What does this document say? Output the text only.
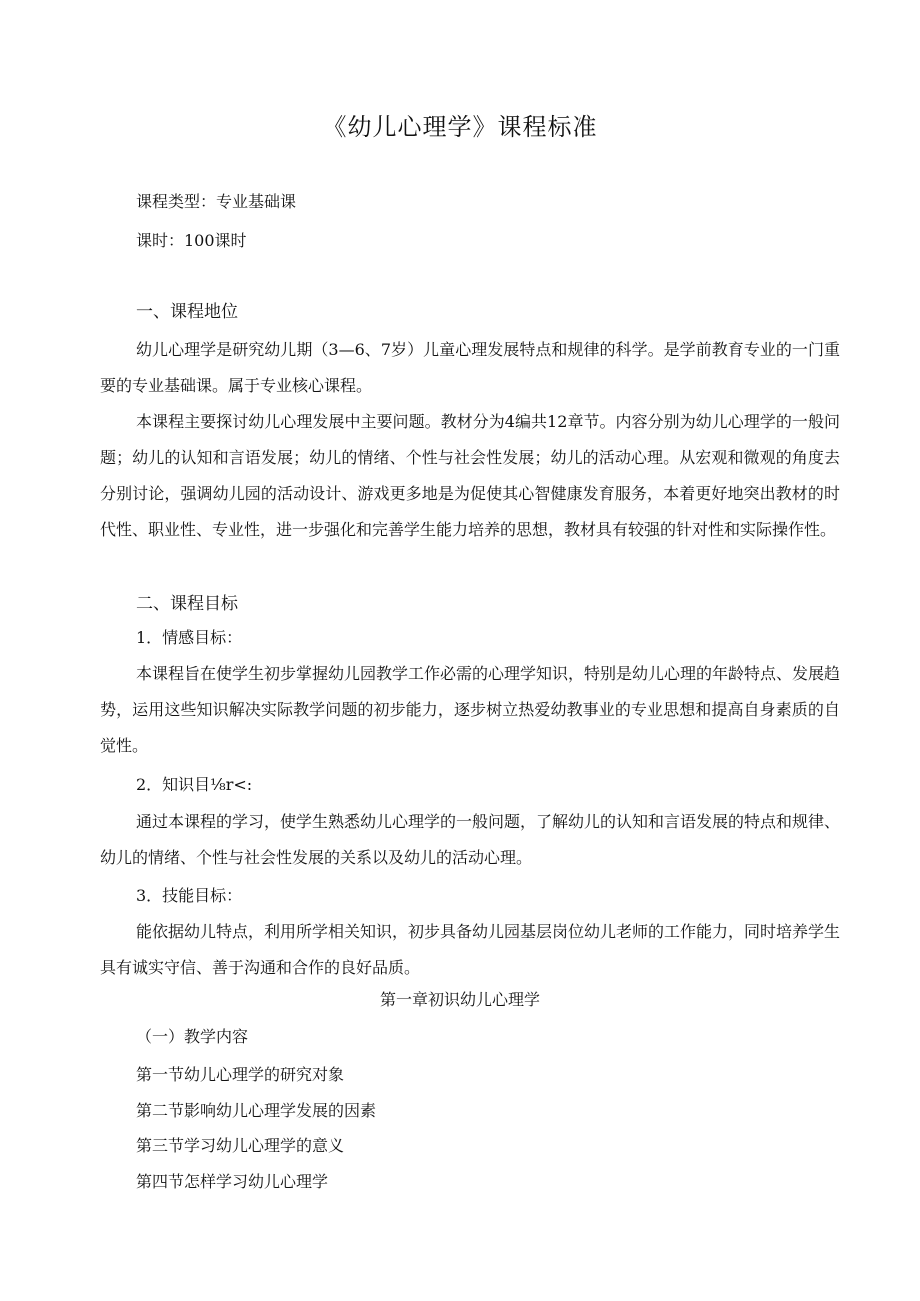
《幼儿心理学》课程标准
课程类型：专业基础课
课时：100课时
一、课程地位
幼儿心理学是研究幼儿期（3—6、7岁）儿童心理发展特点和规律的科学。是学前教育专业的一门重要的专业基础课。属于专业核心课程。
本课程主要探讨幼儿心理发展中主要问题。教材分为4编共12章节。内容分别为幼儿心理学的一般问题；幼儿的认知和言语发展；幼儿的情绪、个性与社会性发展；幼儿的活动心理。从宏观和微观的角度去分别讨论，强调幼儿园的活动设计、游戏更多地是为促使其心智健康发育服务，本着更好地突出教材的时代性、职业性、专业性，进一步强化和完善学生能力培养的思想，教材具有较强的针对性和实际操作性。
二、课程目标
1．情感目标：
本课程旨在使学生初步掌握幼儿园教学工作必需的心理学知识，特别是幼儿心理的年龄特点、发展趋势，运用这些知识解决实际教学问题的初步能力，逐步树立热爱幼教事业的专业思想和提高自身素质的自觉性。
2．知识目⅛r<:
通过本课程的学习，使学生熟悉幼儿心理学的一般问题，了解幼儿的认知和言语发展的特点和规律、幼儿的情绪、个性与社会性发展的关系以及幼儿的活动心理。
3．技能目标：
能依据幼儿特点，利用所学相关知识，初步具备幼儿园基层岗位幼儿老师的工作能力，同时培养学生具有诚实守信、善于沟通和合作的良好品质。
第一章初识幼儿心理学
（一）教学内容
第一节幼儿心理学的研究对象
第二节影响幼儿心理学发展的因素
第三节学习幼儿心理学的意义
第四节怎样学习幼儿心理学
